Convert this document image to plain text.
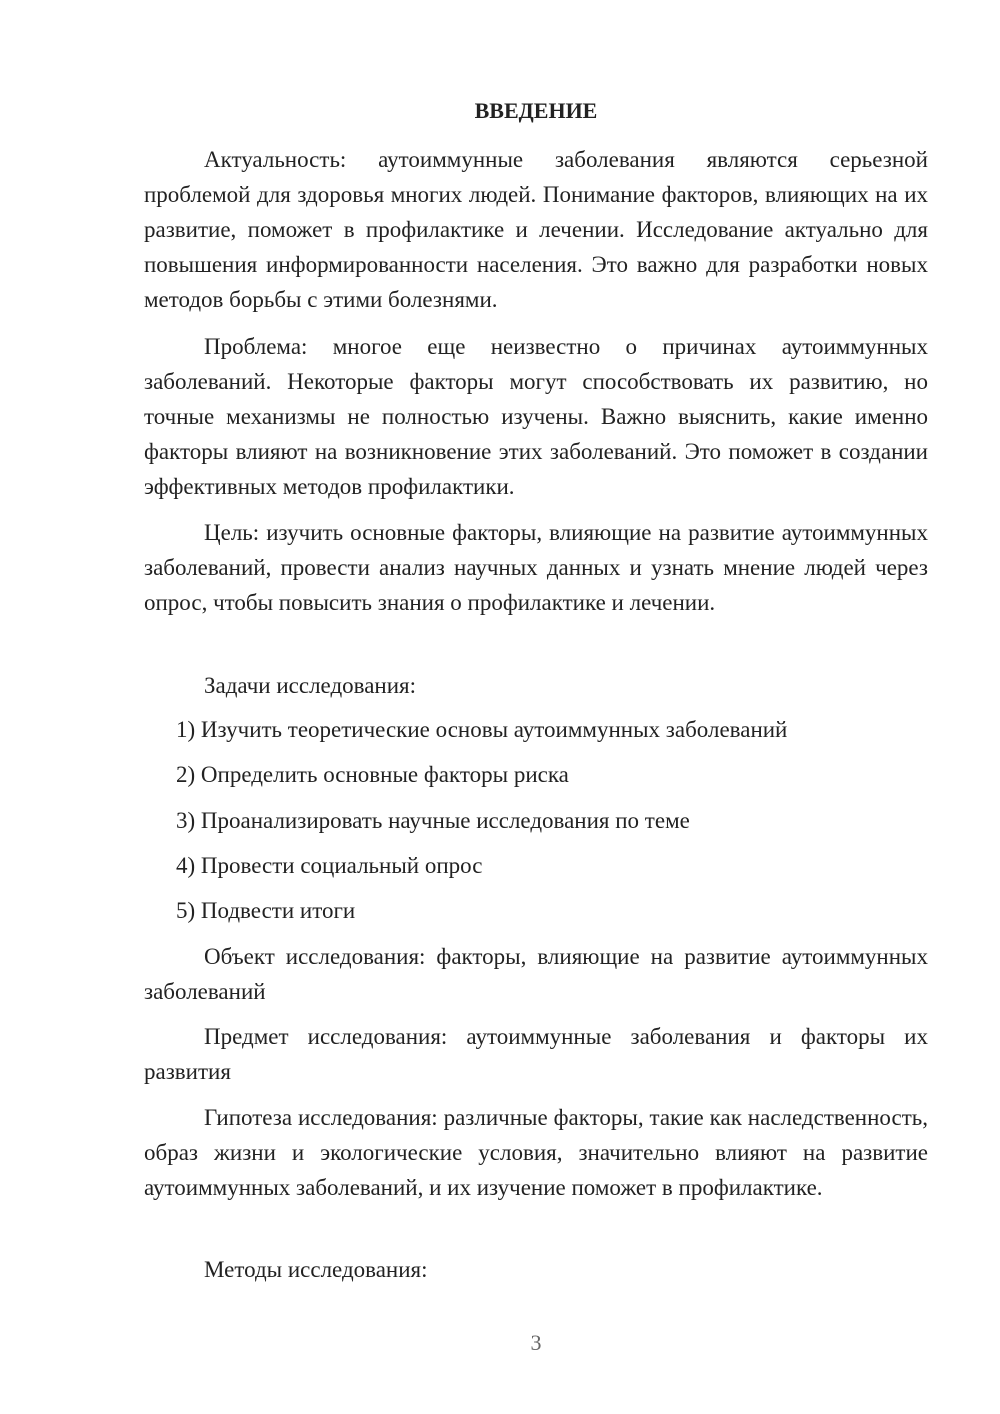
ВВЕДЕНИЕ
Актуальность: аутоиммунные заболевания являются серьезной проблемой для здоровья многих людей. Понимание факторов, влияющих на их развитие, поможет в профилактике и лечении. Исследование актуально для повышения информированности населения. Это важно для разработки новых методов борьбы с этими болезнями.
Проблема: многое еще неизвестно о причинах аутоиммунных заболеваний. Некоторые факторы могут способствовать их развитию, но точные механизмы не полностью изучены. Важно выяснить, какие именно факторы влияют на возникновение этих заболеваний. Это поможет в создании эффективных методов профилактики.
Цель: изучить основные факторы, влияющие на развитие аутоиммунных заболеваний, провести анализ научных данных и узнать мнение людей через опрос, чтобы повысить знания о профилактике и лечении.
Задачи исследования:
1) Изучить теоретические основы аутоиммунных заболеваний
2) Определить основные факторы риска
3) Проанализировать научные исследования по теме
4) Провести социальный опрос
5) Подвести итоги
Объект исследования: факторы, влияющие на развитие аутоиммунных заболеваний
Предмет исследования: аутоиммунные заболевания и факторы их развития
Гипотеза исследования: различные факторы, такие как наследственность, образ жизни и экологические условия, значительно влияют на развитие аутоиммунных заболеваний, и их изучение поможет в профилактике.
Методы исследования:
3
